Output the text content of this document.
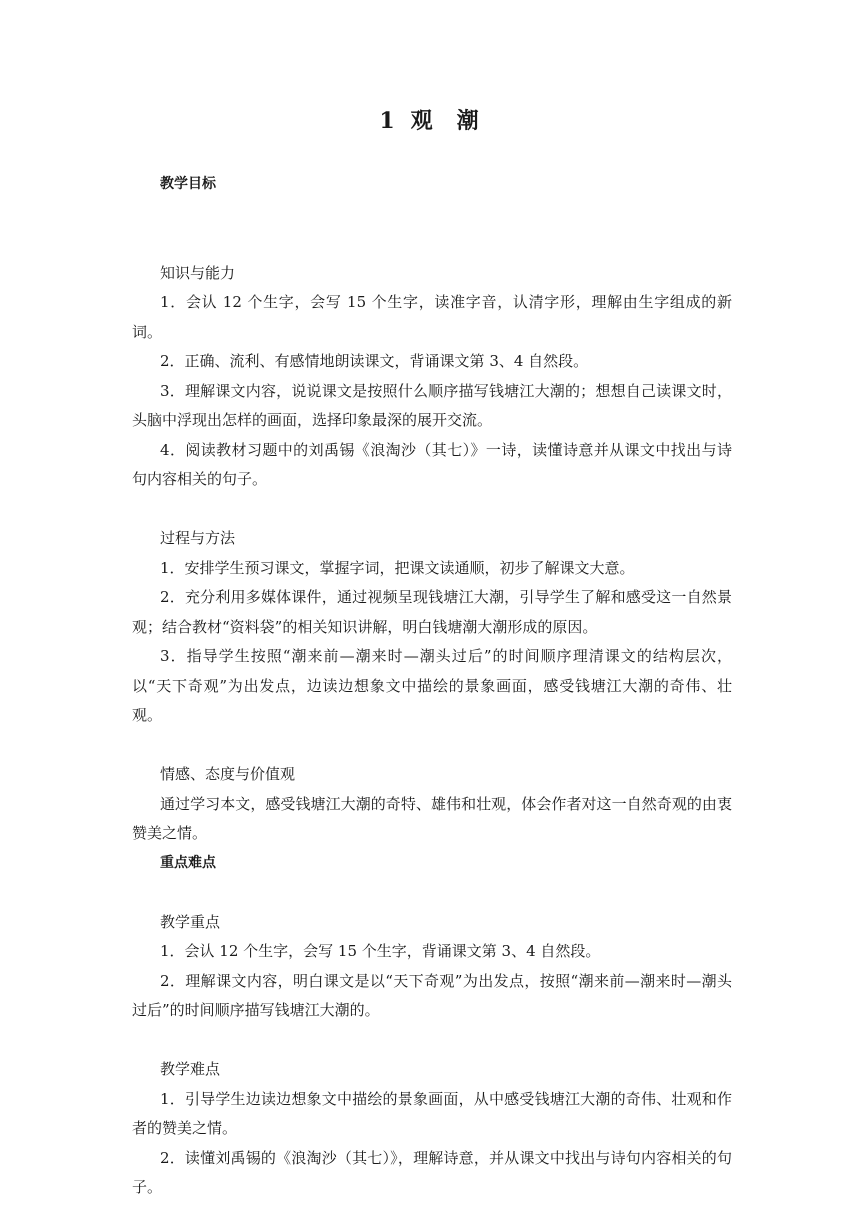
1 观 潮
教学目标
知识与能力
1．会认 12 个生字，会写 15 个生字，读准字音，认清字形，理解由生字组成的新词。
2．正确、流利、有感情地朗读课文，背诵课文第 3、4 自然段。
3．理解课文内容，说说课文是按照什么顺序描写钱塘江大潮的；想想自己读课文时，头脑中浮现出怎样的画面，选择印象最深的展开交流。
4．阅读教材习题中的刘禹锡《浪淘沙（其七）》一诗，读懂诗意并从课文中找出与诗句内容相关的句子。
过程与方法
1．安排学生预习课文，掌握字词，把课文读通顺，初步了解课文大意。
2．充分利用多媒体课件，通过视频呈现钱塘江大潮，引导学生了解和感受这一自然景观；结合教材“资料袋”的相关知识讲解，明白钱塘潮大潮形成的原因。
3．指导学生按照“潮来前—潮来时—潮头过后”的时间顺序理清课文的结构层次，以“天下奇观”为出发点，边读边想象文中描绘的景象画面，感受钱塘江大潮的奇伟、壮观。
情感、态度与价值观
通过学习本文，感受钱塘江大潮的奇特、雄伟和壮观，体会作者对这一自然奇观的由衷赞美之情。
重点难点
教学重点
1．会认 12 个生字，会写 15 个生字，背诵课文第 3、4 自然段。
2．理解课文内容，明白课文是以“天下奇观”为出发点，按照“潮来前—潮来时—潮头过后”的时间顺序描写钱塘江大潮的。
教学难点
1．引导学生边读边想象文中描绘的景象画面，从中感受钱塘江大潮的奇伟、壮观和作者的赞美之情。
2．读懂刘禹锡的《浪淘沙（其七）》，理解诗意，并从课文中找出与诗句内容相关的句子。
